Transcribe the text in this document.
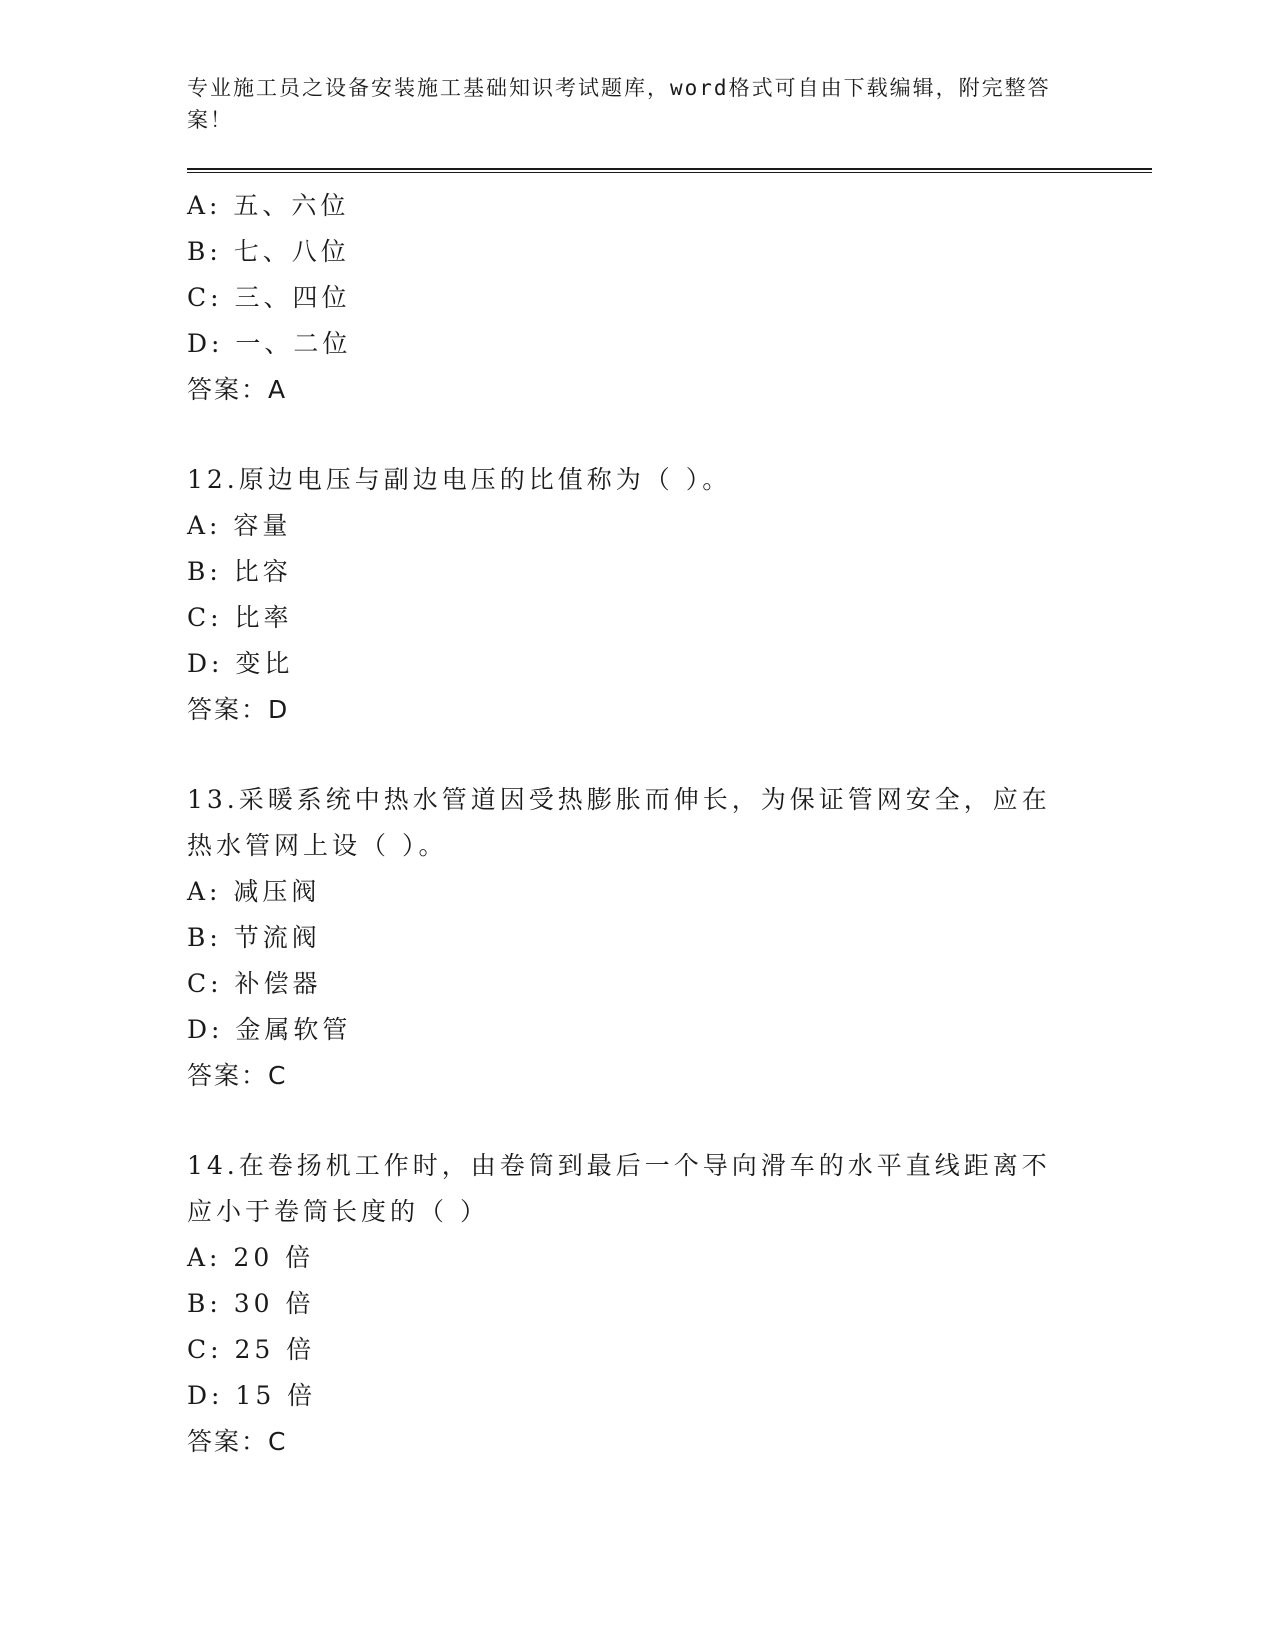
专业施工员之设备安装施工基础知识考试题库，word格式可自由下载编辑，附完整答案！

A: 五、六位
B: 七、八位
C: 三、四位
D: 一、二位
答案：A
12.原边电压与副边电压的比值称为（ ）。
A: 容量
B: 比容
C: 比率
D: 变比
答案：D
13.采暖系统中热水管道因受热膨胀而伸长，为保证管网安全，应在热水管网上设（ ）。
A: 减压阀
B: 节流阀
C: 补偿器
D: 金属软管
答案：C
14.在卷扬机工作时，由卷筒到最后一个导向滑车的水平直线距离不应小于卷筒长度的（ ）
A: 20 倍
B: 30 倍
C: 25 倍
D: 15 倍
答案：C
